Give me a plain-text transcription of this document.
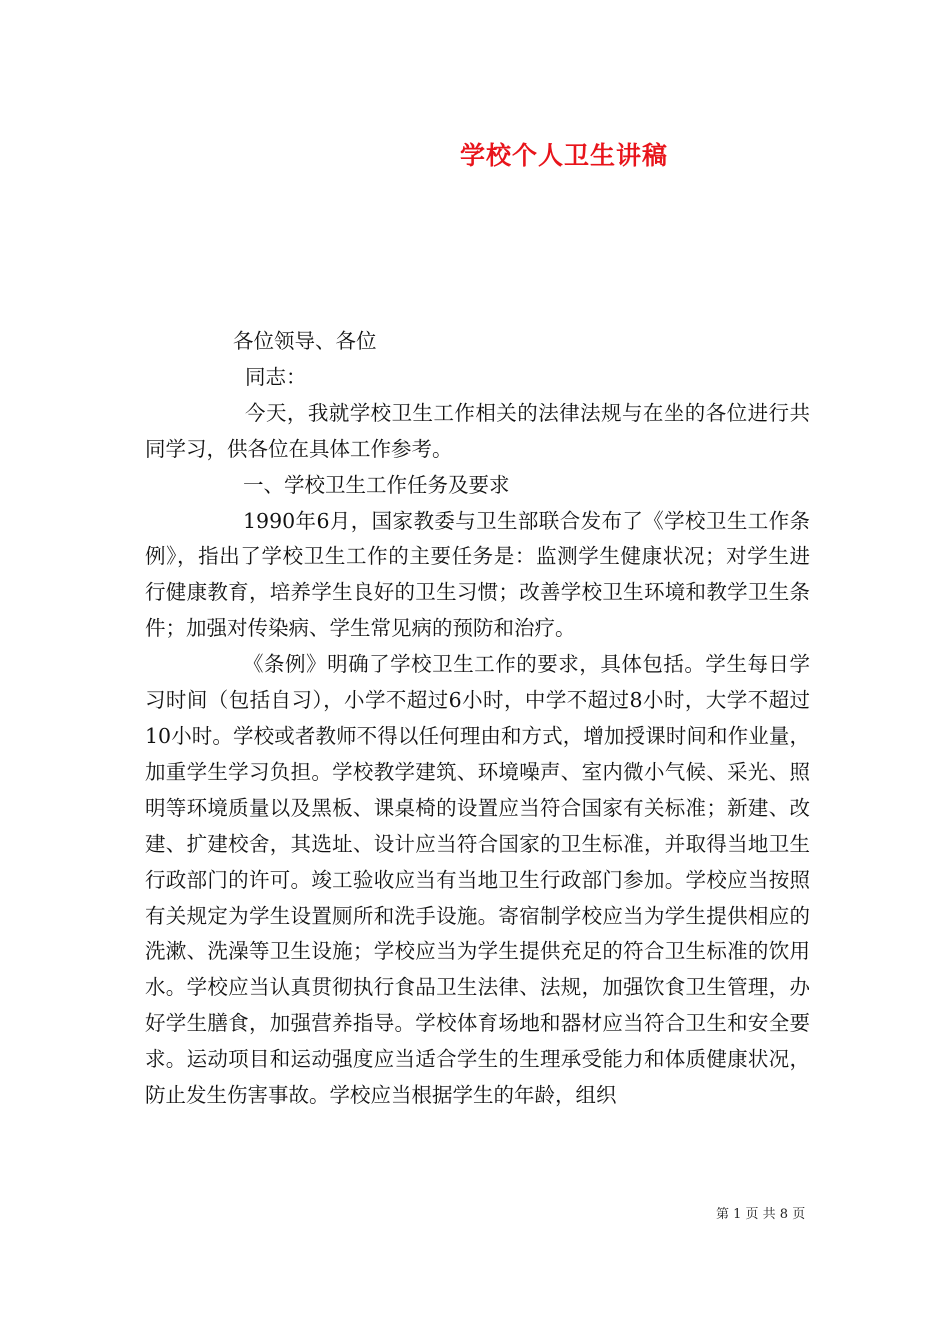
学校个人卫生讲稿

各位领导、各位

同志：

今天，我就学校卫生工作相关的法律法规与在坐的各位进行共同学习，供各位在具体工作参考。

一、学校卫生工作任务及要求

1990年6月，国家教委与卫生部联合发布了《学校卫生工作条例》，指出了学校卫生工作的主要任务是：监测学生健康状况；对学生进行健康教育，培养学生良好的卫生习惯；改善学校卫生环境和教学卫生条件；加强对传染病、学生常见病的预防和治疗。

《条例》明确了学校卫生工作的要求，具体包括。学生每日学习时间（包括自习），小学不超过6小时，中学不超过8小时，大学不超过10小时。学校或者教师不得以任何理由和方式，增加授课时间和作业量，加重学生学习负担。学校教学建筑、环境噪声、室内微小气候、采光、照明等环境质量以及黑板、课桌椅的设置应当符合国家有关标准；新建、改建、扩建校舍，其选址、设计应当符合国家的卫生标准，并取得当地卫生行政部门的许可。竣工验收应当有当地卫生行政部门参加。学校应当按照有关规定为学生设置厕所和洗手设施。寄宿制学校应当为学生提供相应的洗漱、洗澡等卫生设施；学校应当为学生提供充足的符合卫生标准的饮用水。学校应当认真贯彻执行食品卫生法律、法规，加强饮食卫生管理，办好学生膳食，加强营养指导。学校体育场地和器材应当符合卫生和安全要求。运动项目和运动强度应当适合学生的生理承受能力和体质健康状况，防止发生伤害事故。学校应当根据学生的年龄，组织

第 1 页 共 8 页
